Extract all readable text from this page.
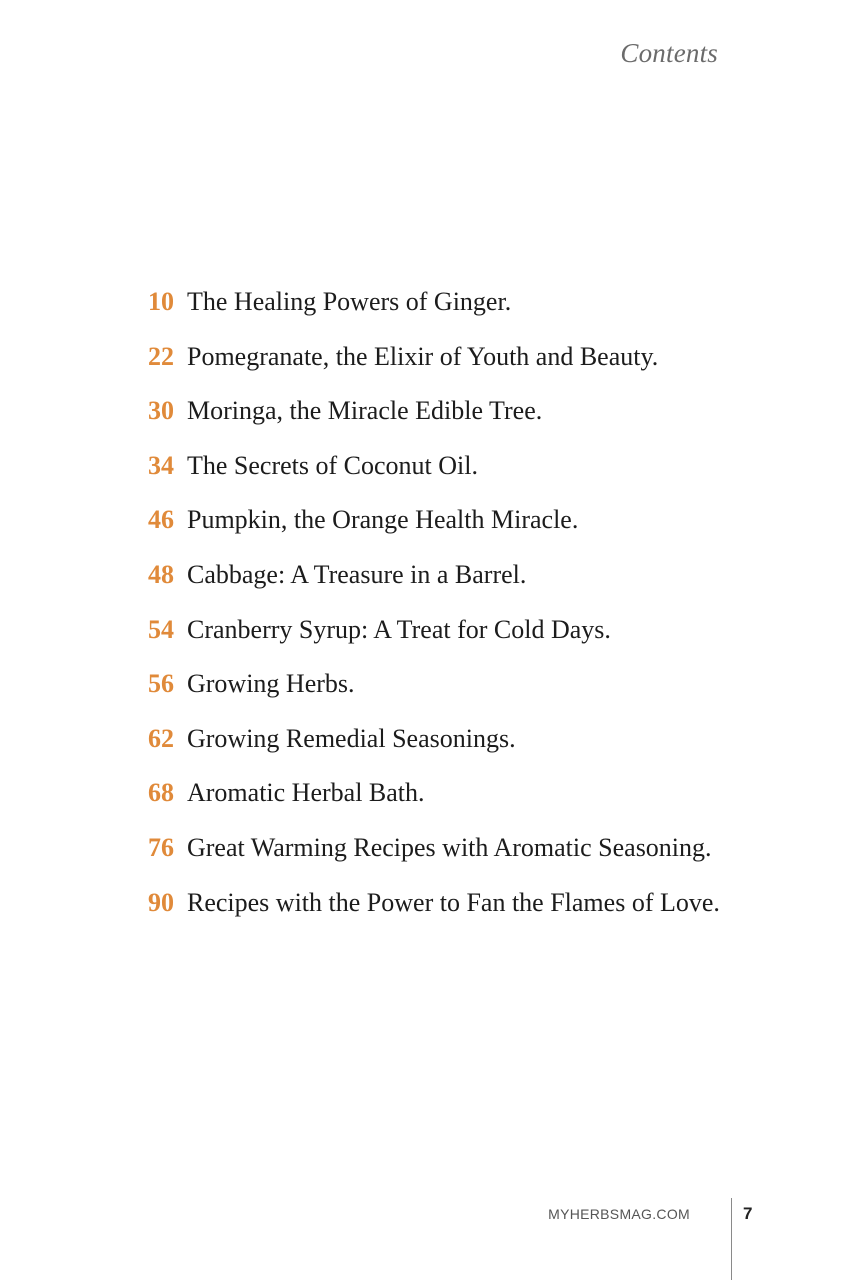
Contents
10 The Healing Powers of Ginger.
22 Pomegranate, the Elixir of Youth and Beauty.
30 Moringa, the Miracle Edible Tree.
34 The Secrets of Coconut Oil.
46 Pumpkin, the Orange Health Miracle.
48 Cabbage: A Treasure in a Barrel.
54 Cranberry Syrup: A Treat for Cold Days.
56 Growing Herbs.
62 Growing Remedial Seasonings.
68 Aromatic Herbal Bath.
76 Great Warming Recipes with Aromatic Seasoning.
90 Recipes with the Power to Fan the Flames of Love.
MYHERBSMAG.COM	7
